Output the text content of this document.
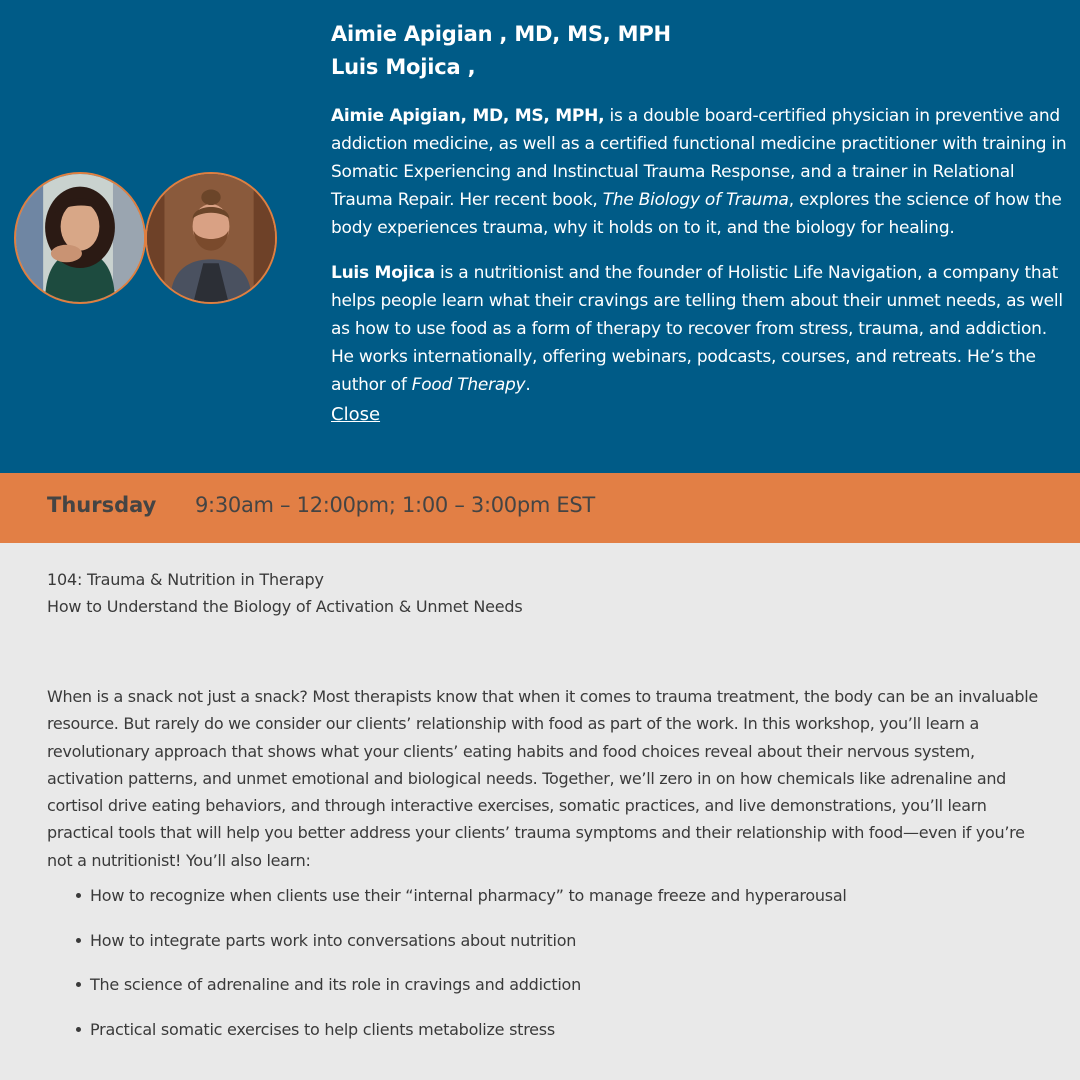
Aimie Apigian , MD, MS, MPH
Luis Mojica ,

Aimie Apigian, MD, MS, MPH, is a double board-certified physician in preventive and addiction medicine, as well as a certified functional medicine practitioner with training in Somatic Experiencing and Instinctual Trauma Response, and a trainer in Relational Trauma Repair. Her recent book, The Biology of Trauma, explores the science of how the body experiences trauma, why it holds on to it, and the biology for healing.

Luis Mojica is a nutritionist and the founder of Holistic Life Navigation, a company that helps people learn what their cravings are telling them about their unmet needs, as well as how to use food as a form of therapy to recover from stress, trauma, and addiction. He works internationally, offering webinars, podcasts, courses, and retreats. He’s the author of Food Therapy.

Close
Thursday 9:30am – 12:00pm; 1:00 – 3:00pm EST
104: Trauma & Nutrition in Therapy
How to Understand the Biology of Activation & Unmet Needs

When is a snack not just a snack? Most therapists know that when it comes to trauma treatment, the body can be an invaluable resource. But rarely do we consider our clients’ relationship with food as part of the work. In this workshop, you’ll learn a revolutionary approach that shows what your clients’ eating habits and food choices reveal about their nervous system, activation patterns, and unmet emotional and biological needs. Together, we’ll zero in on how chemicals like adrenaline and cortisol drive eating behaviors, and through interactive exercises, somatic practices, and live demonstrations, you’ll learn practical tools that will help you better address your clients’ trauma symptoms and their relationship with food—even if you’re not a nutritionist! You’ll also learn:

How to recognize when clients use their “internal pharmacy” to manage freeze and hyperarousal
How to integrate parts work into conversations about nutrition
The science of adrenaline and its role in cravings and addiction
Practical somatic exercises to help clients metabolize stress
